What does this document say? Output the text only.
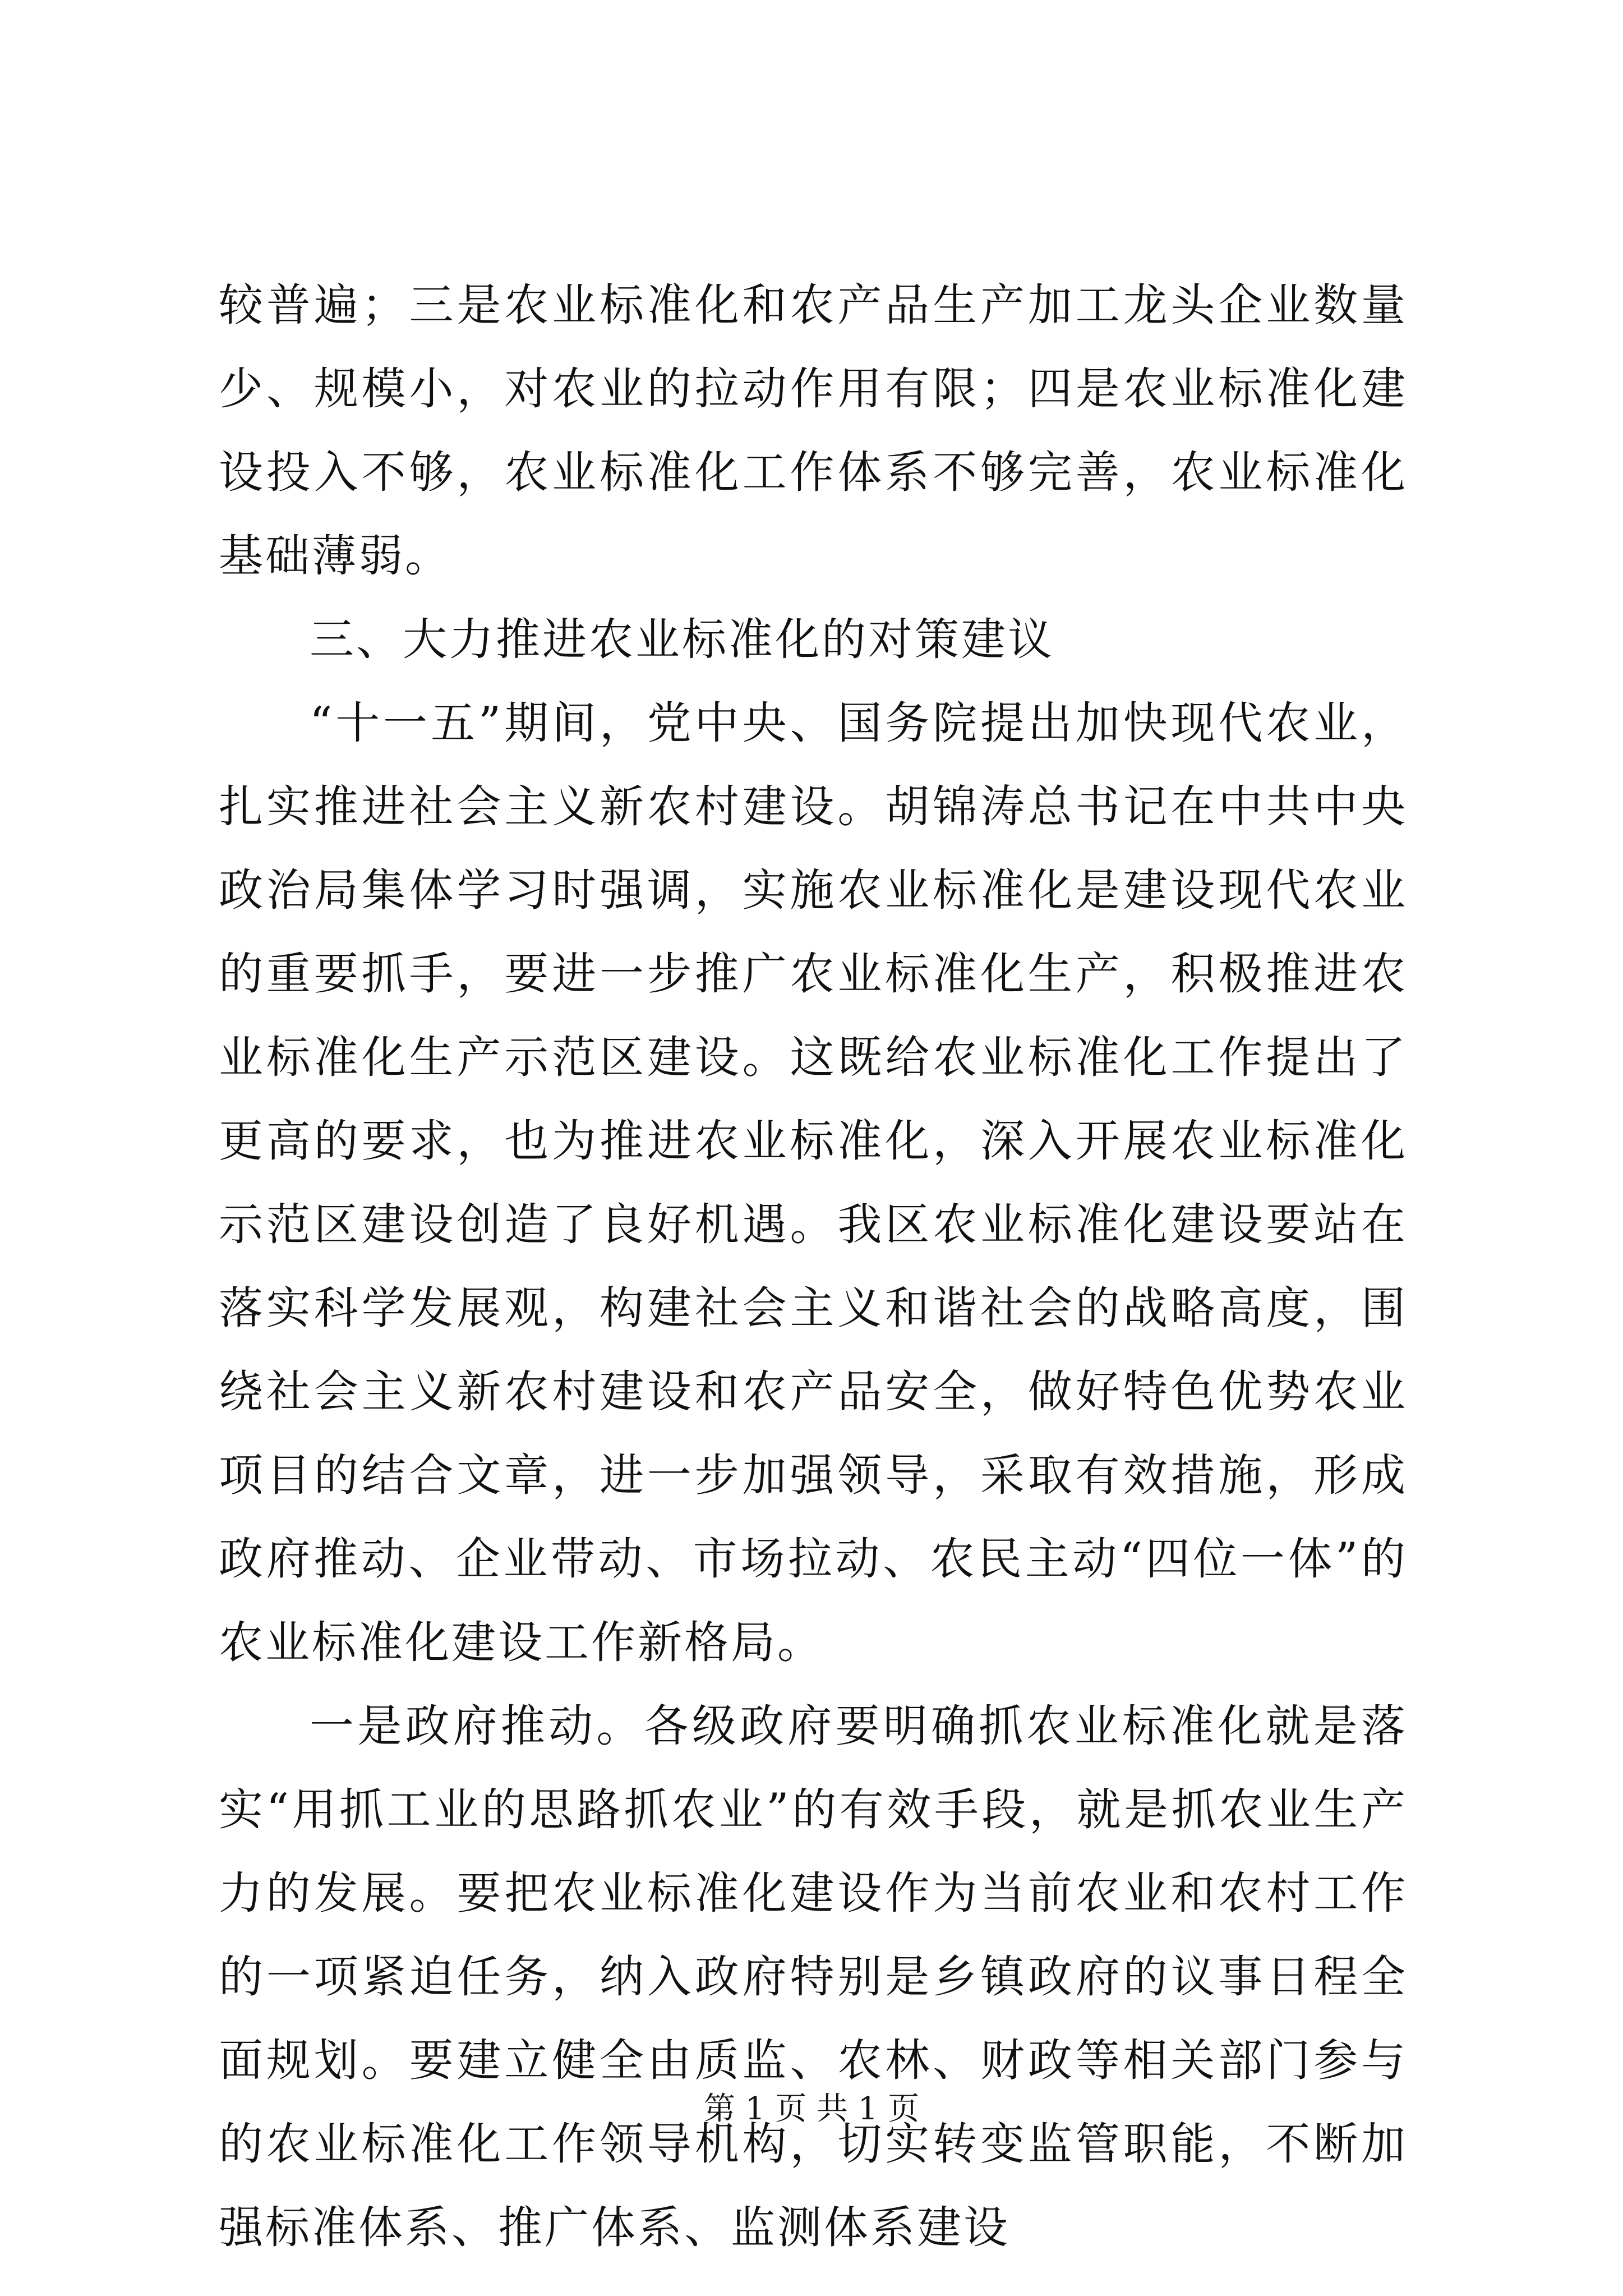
较普遍；三是农业标准化和农产品生产加工龙头企业数量少、规模小，对农业的拉动作用有限；四是农业标准化建设投入不够，农业标准化工作体系不够完善，农业标准化基础薄弱。

三、大力推进农业标准化的对策建议

“十一五”期间，党中央、国务院提出加快现代农业，扎实推进社会主义新农村建设。胡锦涛总书记在中共中央政治局集体学习时强调，实施农业标准化是建设现代农业的重要抓手，要进一步推广农业标准化生产，积极推进农业标准化生产示范区建设。这既给农业标准化工作提出了更高的要求，也为推进农业标准化，深入开展农业标准化示范区建设创造了良好机遇。我区农业标准化建设要站在落实科学发展观，构建社会主义和谐社会的战略高度，围绕社会主义新农村建设和农产品安全，做好特色优势农业项目的结合文章，进一步加强领导，采取有效措施，形成政府推动、企业带动、市场拉动、农民主动“四位一体”的农业标准化建设工作新格局。

一是政府推动。各级政府要明确抓农业标准化就是落实“用抓工业的思路抓农业”的有效手段，就是抓农业生产力的发展。要把农业标准化建设作为当前农业和农村工作的一项紧迫任务，纳入政府特别是乡镇政府的议事日程全面规划。要建立健全由质监、农林、财政等相关部门参与的农业标准化工作领导机构，切实转变监管职能，不断加强标准体系、推广体系、监测体系建设

第 1 页 共 1 页
